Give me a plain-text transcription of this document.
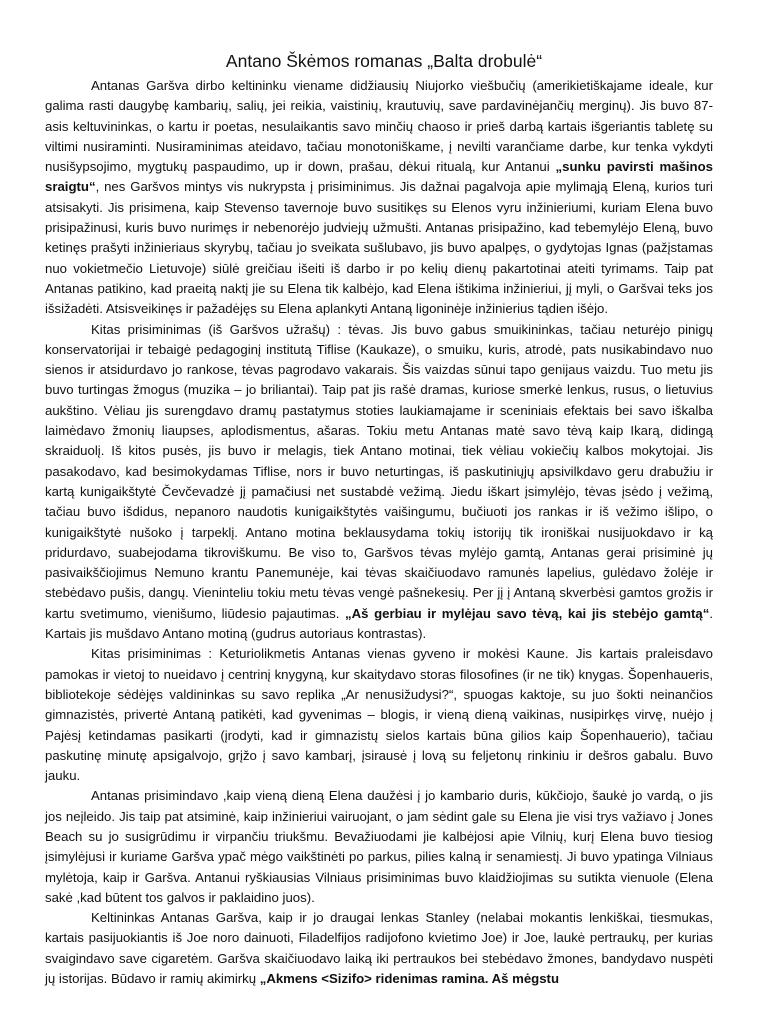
Antano Škėmos romanas „Balta drobulė“

Antanas Garšva dirbo keltininku viename didžiausių Niujorko viešbučių (amerikietiškajame ideale, kur galima rasti daugybę kambarių, salių, jei reikia, vaistinių, krautuvių, save pardavinėjančių merginų). Jis buvo 87-asis keltuvininkas, o kartu ir poetas, nesulaikantis savo minčių chaoso ir prieš darbą kartais išgeriantis tabletę su viltimi nusiraminti. Nusiraminimas ateidavo, tačiau monotoniškame, į nevilti varančiame darbe, kur tenka vykdyti nusišypsojimo, mygtukų paspaudimo, up ir down, prašau, dėkui ritualą, kur Antanui „sunku pavirsti mašinos sraigtu“, nes Garšvos mintys vis nukrypsta į prisiminimus. Jis dažnai pagalvoja apie mylimąją Eleną, kurios turi atsisakyti. Jis prisimena, kaip Stevenso tavernoje buvo susitikęs su Elenos vyru inžinieriumi, kuriam Elena buvo prisipažinusi, kuris buvo nurimęs ir nebenorėjo judviejų užmušti. Antanas prisipažino, kad tebemylėjo Eleną, buvo ketinęs prašyti inžinieriaus skyrybų, tačiau jo sveikata sušlubavo, jis buvo apalpęs, o gydytojas Ignas (pažįstamas nuo vokietmečio Lietuvoje) siūlė greičiau išeiti iš darbo ir po kelių dienų pakartotinai ateiti tyrimams. Taip pat Antanas patikino, kad praeitą naktį jie su Elena tik kalbėjo, kad Elena ištikima inžinieriui, jį myli, o Garšvai teks jos išsižadėti. Atsisveikinęs ir pažadėjęs su Elena aplankyti Antaną ligoninėje inžinierius tądien išėjo.

Kitas prisiminimas (iš Garšvos užrašų) : tėvas. Jis buvo gabus smuikininkas, tačiau neturėjo pinigų konservatorijai ir tebaigė pedagoginį institutą Tiflise (Kaukaze), o smuiku, kuris, atrodė, pats nusikabindavo nuo sienos ir atsidurdavo jo rankose, tėvas pagrodavo vakarais. Šis vaizdas sūnui tapo genijaus vaizdu. Tuo metu jis buvo turtingas žmogus (muzika – jo briliantai). Taip pat jis rašė dramas, kuriose smerkė lenkus, rusus, o lietuvius aukštino. Vėliau jis surengdavo dramų pastatymus stoties laukiamajame ir sceniniais efektais bei savo iškalba laimėdavo žmonių liaupses, aplodismentus, ašaras. Tokiu metu Antanas matė savo tėvą kaip Ikarą, didingą skraiduolį. Iš kitos pusės, jis buvo ir melagis, tiek Antano motinai, tiek vėliau vokiečių kalbos mokytojai. Jis pasakodavo, kad besimokydamas Tiflise, nors ir buvo neturtingas, iš paskutiniųjų apsivilkdavo geru drabužiu ir kartą kunigaikštytė Čevčevadzė jį pamačiusi net sustabdė vežimą. Jiedu iškart įsimylėjo, tėvas įsėdo į vežimą, tačiau buvo išdidus, nepanoro naudotis kunigaikštytės vaišingumu, bučiuoti jos rankas ir iš vežimo išlipo, o kunigaikštytė nušoko į tarpeklį. Antano motina beklausydama tokių istorijų tik ironiškai nusijuokdavo ir ką pridurdavo, suabejodama tikroviškumu. Be viso to, Garšvos tėvas mylėjo gamtą, Antanas gerai prisiminė jų pasivaikščiojimus Nemuno krantu Panemunėje, kai tėvas skaičiuodavo ramunės lapelius, gulėdavo žolėje ir stebėdavo pušis, dangų. Vieninteliu tokiu metu tėvas vengė pašnekesių. Per jį į Antaną skverbėsi gamtos grožis ir kartu svetimumo, vienišumo, liūdesio pajautimas. „Aš gerbiau ir mylėjau savo tėvą, kai jis stebėjo gamtą“. Kartais jis mušdavo Antano motiną (gudrus autoriaus kontrastas).

Kitas prisiminimas : Keturiolikmetis Antanas vienas gyveno ir mokėsi Kaune. Jis kartais praleisdavo pamokas ir vietoj to nueidavo į centrinį knygyną, kur skaitydavo storas filosofines (ir ne tik) knygas. Šopenhaueris, bibliotekoje sėdėjęs valdininkas su savo replika „Ar nenusižudysi?“, spuogas kaktoje, su juo šokti neinančios gimnazistės, privertė Antaną patikėti, kad gyvenimas – blogis, ir vieną dieną vaikinas, nusipirkęs virvę, nuėjo į Pajėsį ketindamas pasikarti (įrodyti, kad ir gimnazistų sielos kartais būna gilios kaip Šopenhauerio), tačiau paskutinę minutę apsigalvojo, grįžo į savo kambarį, įsirausė į lovą su feljetonų rinkiniu ir dešros gabalu. Buvo jauku.

Antanas prisimindavo ,kaip vieną dieną Elena daužėsi į jo kambario duris, kūkčiojo, šaukė jo vardą, o jis jos neįleido. Jis taip pat atsiminė, kaip inžinieriui vairuojant, o jam sėdint gale su Elena jie visi trys važiavo į Jones Beach su jo susigrūdimu ir virpančiu triukšmu. Bevažiuodami jie kalbėjosi apie Vilnių, kurį Elena buvo tiesiog įsimylėjusi ir kuriame Garšva ypač mėgo vaikštinėti po parkus, pilies kalną ir senamiestį. Ji buvo ypatinga Vilniaus mylėtoja, kaip ir Garšva. Antanui ryškiausias Vilniaus prisiminimas buvo klaidžiojimas su sutikta vienuole (Elena sakė ,kad būtent tos galvos ir paklaidino juos).

Keltininkas Antanas Garšva, kaip ir jo draugai lenkas Stanley (nelabai mokantis lenkiškai, tiesmukas, kartais pasijuokiantis iš Joe noro dainuoti, Filadelfijos radijofono kvietimo Joe) ir Joe, laukė pertraukų, per kurias svaigindavo save cigaretėm. Garšva skaičiuodavo laiką iki pertraukos bei stebėdavo žmones, bandydavo nuspėti jų istorijas. Būdavo ir ramių akimirkų „Akmens <Sizifo> ridenimas ramina. Aš mėgstu
